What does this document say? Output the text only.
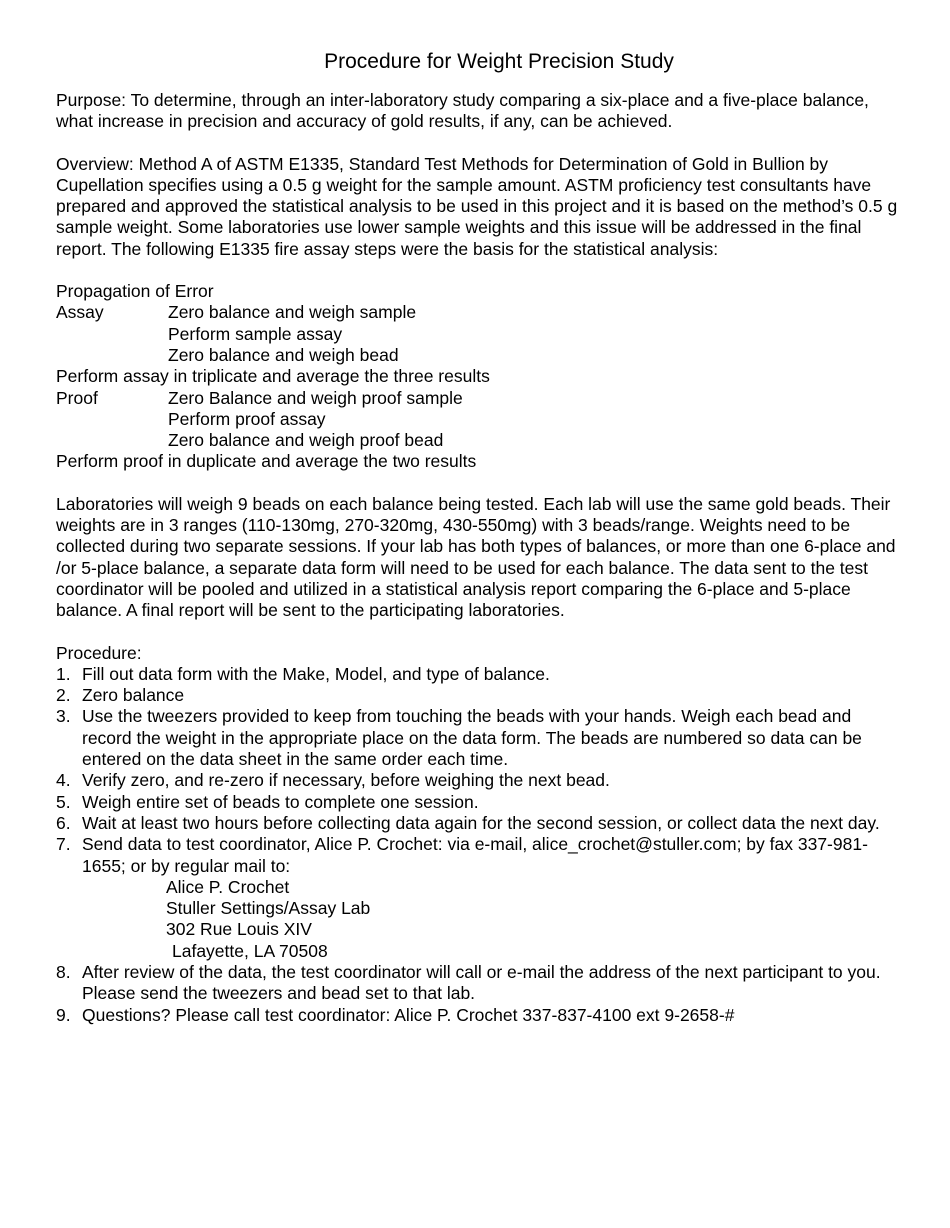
Procedure for Weight Precision Study

Purpose: To determine, through an inter-laboratory study comparing a six-place and a five-place balance, what increase in precision and accuracy of gold results, if any, can be achieved.

Overview: Method A of ASTM E1335, Standard Test Methods for Determination of Gold in Bullion by Cupellation specifies using a 0.5 g weight for the sample amount. ASTM proficiency test consultants have prepared and approved the statistical analysis to be used in this project and it is based on the method’s 0.5 g sample weight. Some laboratories use lower sample weights and this issue will be addressed in the final report. The following E1335 fire assay steps were the basis for the statistical analysis:

Propagation of Error
Assay	Zero balance and weigh sample
Perform sample assay
Zero balance and weigh bead
Perform assay in triplicate and average the three results
Proof	Zero Balance and weigh proof sample
Perform proof assay
Zero balance and weigh proof bead
Perform proof in duplicate and average the two results

Laboratories will weigh 9 beads on each balance being tested. Each lab will use the same gold beads. Their weights are in 3 ranges (110-130mg, 270-320mg, 430-550mg) with 3 beads/range. Weights need to be collected during two separate sessions. If your lab has both types of balances, or more than one 6-place and /or 5-place balance, a separate data form will need to be used for each balance. The data sent to the test coordinator will be pooled and utilized in a statistical analysis report comparing the 6-place and 5-place balance. A final report will be sent to the participating laboratories.

Procedure:
1. Fill out data form with the Make, Model, and type of balance.
2. Zero balance
3. Use the tweezers provided to keep from touching the beads with your hands. Weigh each bead and record the weight in the appropriate place on the data form. The beads are numbered so data can be entered on the data sheet in the same order each time.
4. Verify zero, and re-zero if necessary, before weighing the next bead.
5. Weigh entire set of beads to complete one session.
6. Wait at least two hours before collecting data again for the second session, or collect data the next day.
7. Send data to test coordinator, Alice P. Crochet: via e-mail, alice_crochet@stuller.com; by fax 337-981-1655; or by regular mail to:
Alice P. Crochet
Stuller Settings/Assay Lab
302 Rue Louis XIV
Lafayette, LA 70508
8. After review of the data, the test coordinator will call or e-mail the address of the next participant to you. Please send the tweezers and bead set to that lab.
9. Questions? Please call test coordinator: Alice P. Crochet 337-837-4100 ext 9-2658-#
